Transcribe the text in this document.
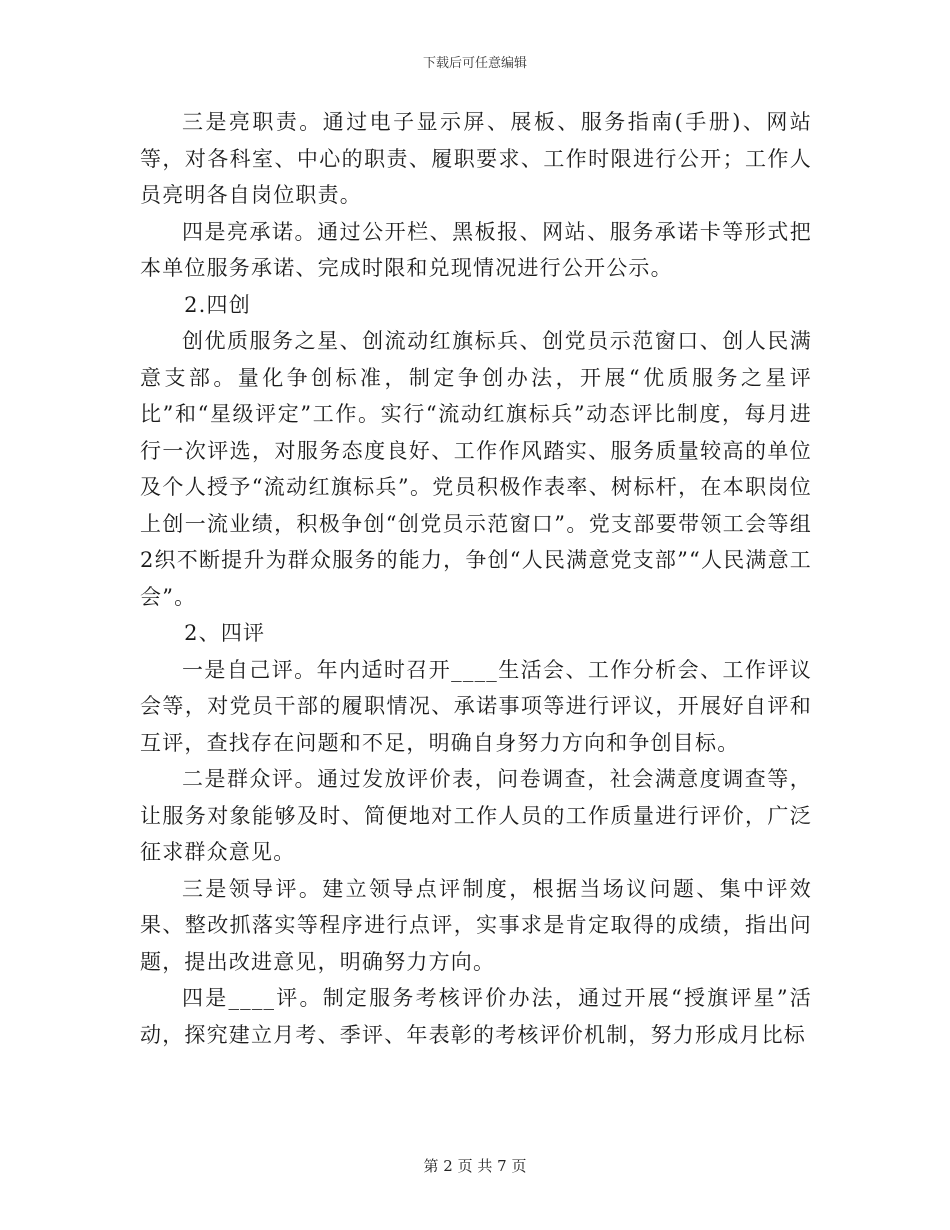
下载后可任意编辑

三是亮职责。通过电子显示屏、展板、服务指南(手册)、网站等，对各科室、中心的职责、履职要求、工作时限进行公开；工作人员亮明各自岗位职责。

四是亮承诺。通过公开栏、黑板报、网站、服务承诺卡等形式把本单位服务承诺、完成时限和兑现情况进行公开公示。

2.四创

创优质服务之星、创流动红旗标兵、创党员示范窗口、创人民满意支部。量化争创标准，制定争创办法，开展“优质服务之星评比”和“星级评定”工作。实行“流动红旗标兵”动态评比制度，每月进行一次评选，对服务态度良好、工作作风踏实、服务质量较高的单位及个人授予“流动红旗标兵”。党员积极作表率、树标杆，在本职岗位上创一流业绩，积极争创“创党员示范窗口”。党支部要带领工会等组2织不断提升为群众服务的能力，争创“人民满意党支部”“人民满意工会”。

2、四评

一是自己评。年内适时召开____生活会、工作分析会、工作评议会等，对党员干部的履职情况、承诺事项等进行评议，开展好自评和互评，查找存在问题和不足，明确自身努力方向和争创目标。

二是群众评。通过发放评价表，问卷调查，社会满意度调查等，让服务对象能够及时、简便地对工作人员的工作质量进行评价，广泛征求群众意见。

三是领导评。建立领导点评制度，根据当场议问题、集中评效果、整改抓落实等程序进行点评，实事求是肯定取得的成绩，指出问题，提出改进意见，明确努力方向。

四是____评。制定服务考核评价办法，通过开展“授旗评星”活动，探究建立月考、季评、年表彰的考核评价机制，努力形成月比标

第 2 页 共 7 页
